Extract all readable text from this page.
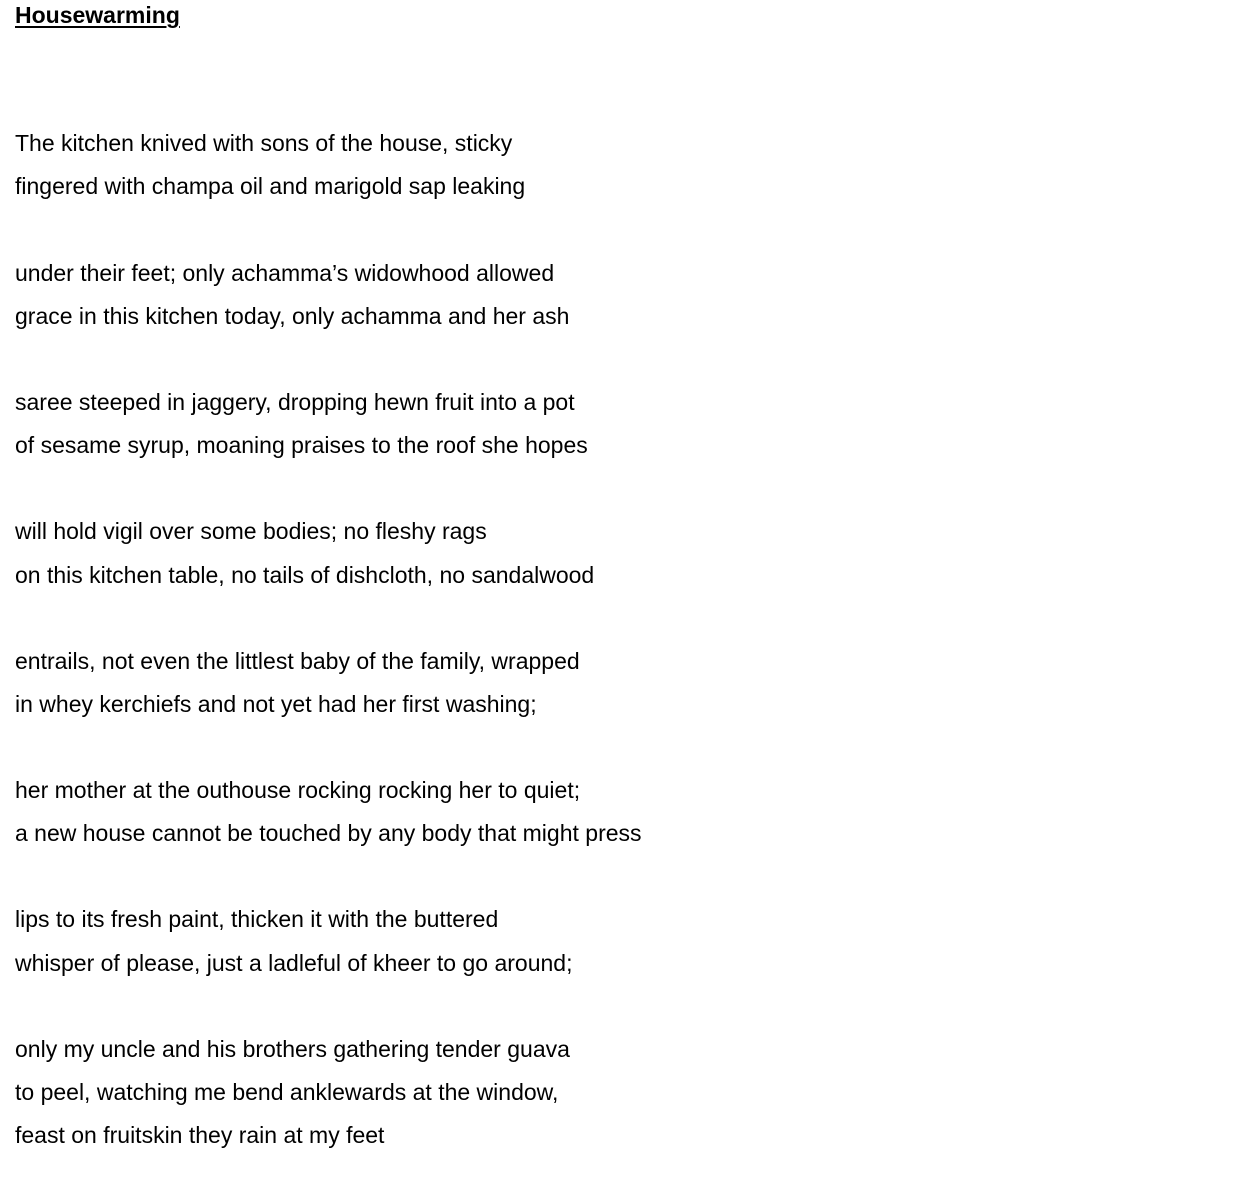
Housewarming
The kitchen knived with sons of the house, sticky
fingered with champa oil and marigold sap leaking
under their feet; only achamma’s widowhood allowed
grace in this kitchen today, only achamma and her ash
saree steeped in jaggery, dropping hewn fruit into a pot
of sesame syrup, moaning praises to the roof she hopes
will hold vigil over some bodies; no fleshy rags
on this kitchen table, no tails of dishcloth, no sandalwood
entrails, not even the littlest baby of the family, wrapped
in whey kerchiefs and not yet had her first washing;
her mother at the outhouse rocking rocking her to quiet;
a new house cannot be touched by any body that might press
lips to its fresh paint, thicken it with the buttered
whisper of please, just a ladleful of kheer to go around;
only my uncle and his brothers gathering tender guava
to peel, watching me bend anklewards at the window,
feast on fruitskin they rain at my feet
